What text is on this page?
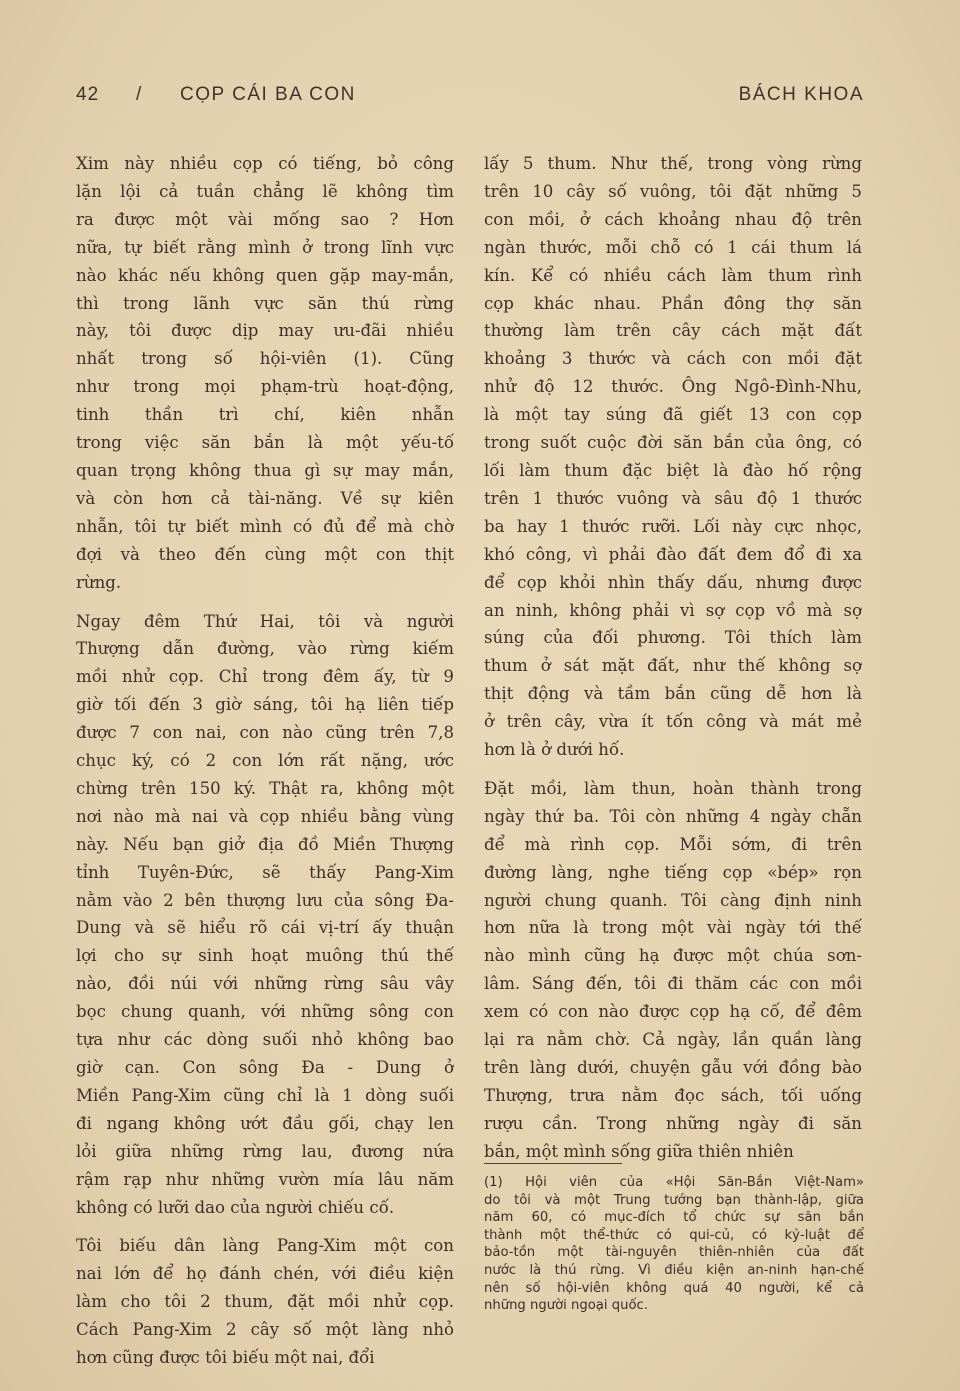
42 / CỌP CÁI BA CON	BÁCH KHOA
Xim này nhiều cọp có tiếng, bỏ công
lặn lội cả tuần chẳng lẽ không tìm
ra được một vài mống sao ? Hơn
nữa, tự biết rằng mình ở trong lĩnh vực
nào khác nếu không quen gặp may-mắn,
thì trong lãnh vực săn thú rừng
này, tôi được dịp may ưu-đãi nhiều
nhất trong số hội-viên (1). Cũng
như trong mọi phạm-trù hoạt-động,
tinh thần trì chí, kiên nhẫn
trong việc săn bắn là một yếu-tố
quan trọng không thua gì sự may mắn,
và còn hơn cả tài-năng. Về sự kiên
nhẫn, tôi tự biết mình có đủ để mà chờ
đợi và theo đến cùng một con thịt
rừng.
Ngay đêm Thứ Hai, tôi và người
Thượng dẫn đường, vào rừng kiếm
mồi nhử cọp. Chỉ trong đêm ấy, từ 9
giờ tối đến 3 giờ sáng, tôi hạ liên tiếp
được 7 con nai, con nào cũng trên 7,8
chục ký, có 2 con lớn rất nặng, ước
chừng trên 150 ký. Thật ra, không một
nơi nào mà nai và cọp nhiều bằng vùng
này. Nếu bạn giở địa đồ Miền Thượng
tỉnh Tuyên-Đức, sẽ thấy Pang-Xim
nằm vào 2 bên thượng lưu của sông Đa-
Dung và sẽ hiểu rõ cái vị-trí ấy thuận
lợi cho sự sinh hoạt muông thú thế
nào, đồi núi với những rừng sâu vây
bọc chung quanh, với những sông con
tựa như các dòng suối nhỏ không bao
giờ cạn. Con sông Đa - Dung ở
Miền Pang-Xim cũng chỉ là 1 dòng suối
đi ngang không ướt đầu gối, chạy len
lỏi giữa những rừng lau, đương nứa
rậm rạp như những vườn mía lâu năm
không có lưỡi dao của người chiếu cố.
Tôi biếu dân làng Pang-Xim một con
nai lớn để họ đánh chén, với điều kiện
làm cho tôi 2 thum, đặt mồi nhử cọp.
Cách Pang-Xim 2 cây số một làng nhỏ
hơn cũng được tôi biếu một nai, đổi
lấy 5 thum. Như thế, trong vòng rừng
trên 10 cây số vuông, tôi đặt những 5
con mồi, ở cách khoảng nhau độ trên
ngàn thước, mỗi chỗ có 1 cái thum lá
kín. Kể có nhiều cách làm thum rình
cọp khác nhau. Phần đông thợ săn
thường làm trên cây cách mặt đất
khoảng 3 thước và cách con mồi đặt
nhử độ 12 thước. Ông Ngô-Đình-Nhu,
là một tay súng đã giết 13 con cọp
trong suốt cuộc đời săn bắn của ông, có
lối làm thum đặc biệt là đào hố rộng
trên 1 thước vuông và sâu độ 1 thước
ba hay 1 thước rưỡi. Lối này cực nhọc,
khó công, vì phải đào đất đem đổ đi xa
để cọp khỏi nhìn thấy dấu, nhưng được
an ninh, không phải vì sợ cọp vồ mà sợ
súng của đối phương. Tôi thích làm
thum ở sát mặt đất, như thế không sợ
thịt động và tầm bắn cũng dễ hơn là
ở trên cây, vừa ít tốn công và mát mẻ
hơn là ở dưới hố.
Đặt mồi, làm thun, hoàn thành trong
ngày thứ ba. Tôi còn những 4 ngày chẵn
để mà rình cọp. Mỗi sớm, đi trên
đường làng, nghe tiếng cọp «bép» rọn
người chung quanh. Tôi càng định ninh
hơn nữa là trong một vài ngày tới thế
nào mình cũng hạ được một chúa sơn-
lâm. Sáng đến, tôi đi thăm các con mồi
xem có con nào được cọp hạ cố, để đêm
lại ra nằm chờ. Cả ngày, lần quần làng
trên làng dưới, chuyện gẫu với đồng bào
Thượng, trưa nằm đọc sách, tối uống
rượu cần. Trong những ngày đi săn
bắn, một mình sống giữa thiên nhiên
(1) Hội viên của «Hội Săn-Bắn Việt-Nam»
do tôi và một Trung tướng bạn thành-lập, giữa
năm 60, có mục-đích tổ chức sự săn bắn
thành một thể-thức có qui-củ, có kỷ-luật để
bảo-tồn một tài-nguyên thiên-nhiên của đất
nước là thú rừng. Vì điều kiện an-ninh hạn-chế
nên số hội-viên không quá 40 người, kể cả
những người ngoại quốc.
